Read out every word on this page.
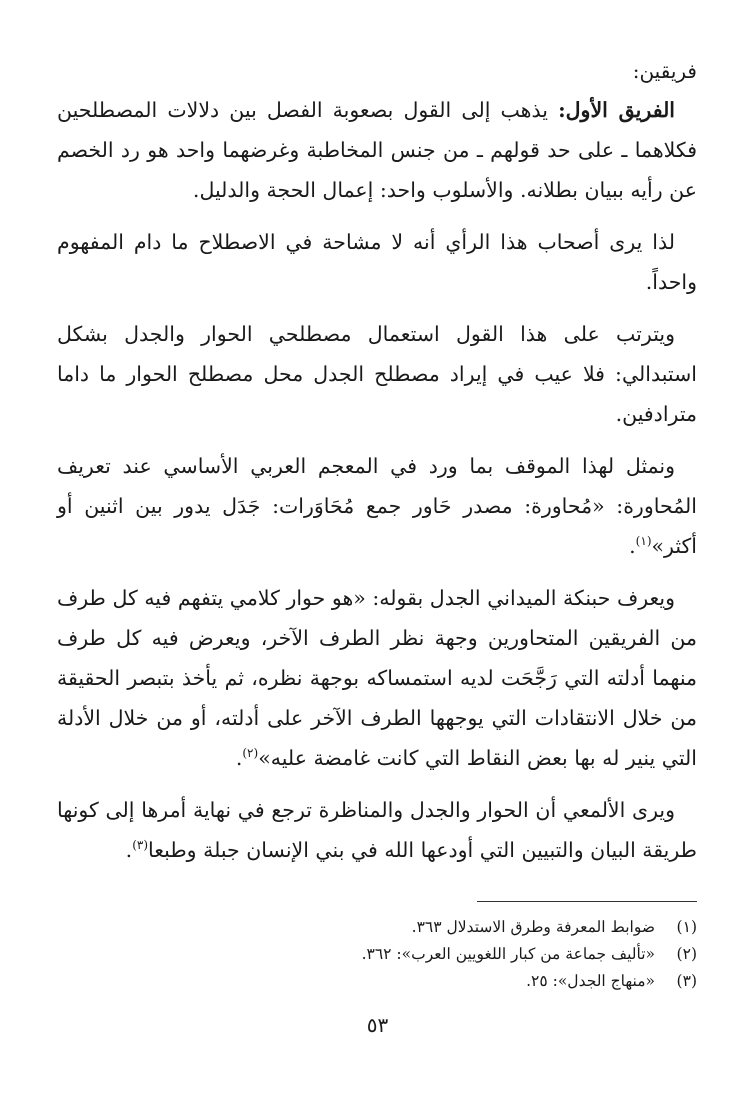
فريقين:

الفريق الأول: يذهب إلى القول بصعوبة الفصل بين دلالات المصطلحين فكلاهما ـ على حد قولهم ـ من جنس المخاطبة وغرضهما واحد هو رد الخصم عن رأيه ببيان بطلانه. والأسلوب واحد: إعمال الحجة والدليل.

لذا يرى أصحاب هذا الرأي أنه لا مشاحة في الاصطلاح ما دام المفهوم واحداً.

ويترتب على هذا القول استعمال مصطلحي الحوار والجدل بشكل استبدالي: فلا عيب في إيراد مصطلح الجدل محل مصطلح الحوار ما داما مترادفين.

ونمثل لهذا الموقف بما ورد في المعجم العربي الأساسي عند تعريف المُحاورة: «مُحاورة: مصدر حَاور جمع مُحَاوَرات: جَدَل يدور بين اثنين أو أكثر»$^{(١)}$.

ويعرف حبنكة الميداني الجدل بقوله: «هو حوار كلامي يتفهم فيه كل طرف من الفريقين المتحاورين وجهة نظر الطرف الآخر، ويعرض فيه كل طرف منهما أدلته التي رَجَّحَت لديه استمساكه بوجهة نظره، ثم يأخذ بتبصر الحقيقة من خلال الانتقادات التي يوجهها الطرف الآخر على أدلته، أو من خلال الأدلة التي ينير له بها بعض النقاط التي كانت غامضة عليه»$^{(٢)}$.

ويرى الألمعي أن الحوار والجدل والمناظرة ترجع في نهاية أمرها إلى كونها طريقة البيان والتبيين التي أودعها الله في بني الإنسان جبلة وطبعا$^{(٣)}$.

(١)
ضوابط المعرفة وطرق الاستدلال ٣٦٣.
(٢)
«تأليف جماعة من كبار اللغويين العرب»: ٣٦٢.
(٣)
«منهاج الجدل»: ٢٥.
٥٣
